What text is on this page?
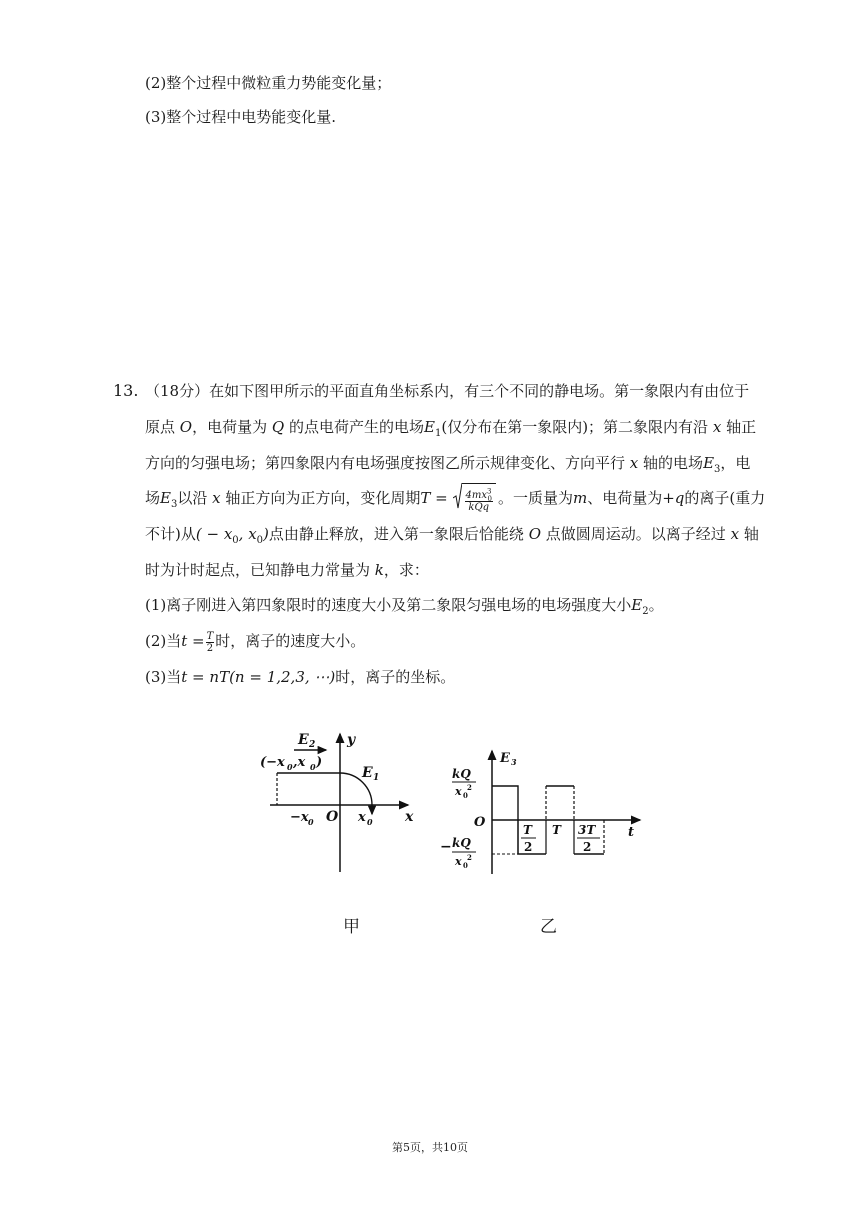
(2)整个过程中微粒重力势能变化量；
(3)整个过程中电势能变化量.
13. （18分）在如下图甲所示的平面直角坐标系内，有三个不同的静电场。第一象限内有由位于
原点 O，电荷量为 Q 的点电荷产生的电场$E_1$(仅分布在第一象限内)；第二象限内有沿 x 轴正
方向的匀强电场；第四象限内有电场强度按图乙所示规律变化、方向平行 x 轴的电场$E_3$，电
场$E_3$以沿 x 轴正方向为正方向，变化周期$T = \frac{4mx^3_0}{\text{kQq}}$ 。一质量为m、电荷量为+q的离子(重力
不计)从( − $x_0$, $x_0$)点由静止释放，进入第一象限后恰能绕 O 点做圆周运动。以离子经过 x 轴
时为计时起点，已知静电力常量为 k，求：
(1)离子刚进入第四象限时的速度大小及第二象限匀强电场的电场强度大小$E_2$。
(2)当$t = \frac{T}{2}$ 时，离子的速度大小。
(3)当t = nT(n = 1,2,3, ⋯)时，离子的坐标。
E 2 y
(−x 0 ,x 0 )
E 1
−x 0 O x 0 x
E 3
kQ
x 0
2
− kQ
x 0
2
O	T
2
T 3T
2
t
甲	乙
第5页，共10页
